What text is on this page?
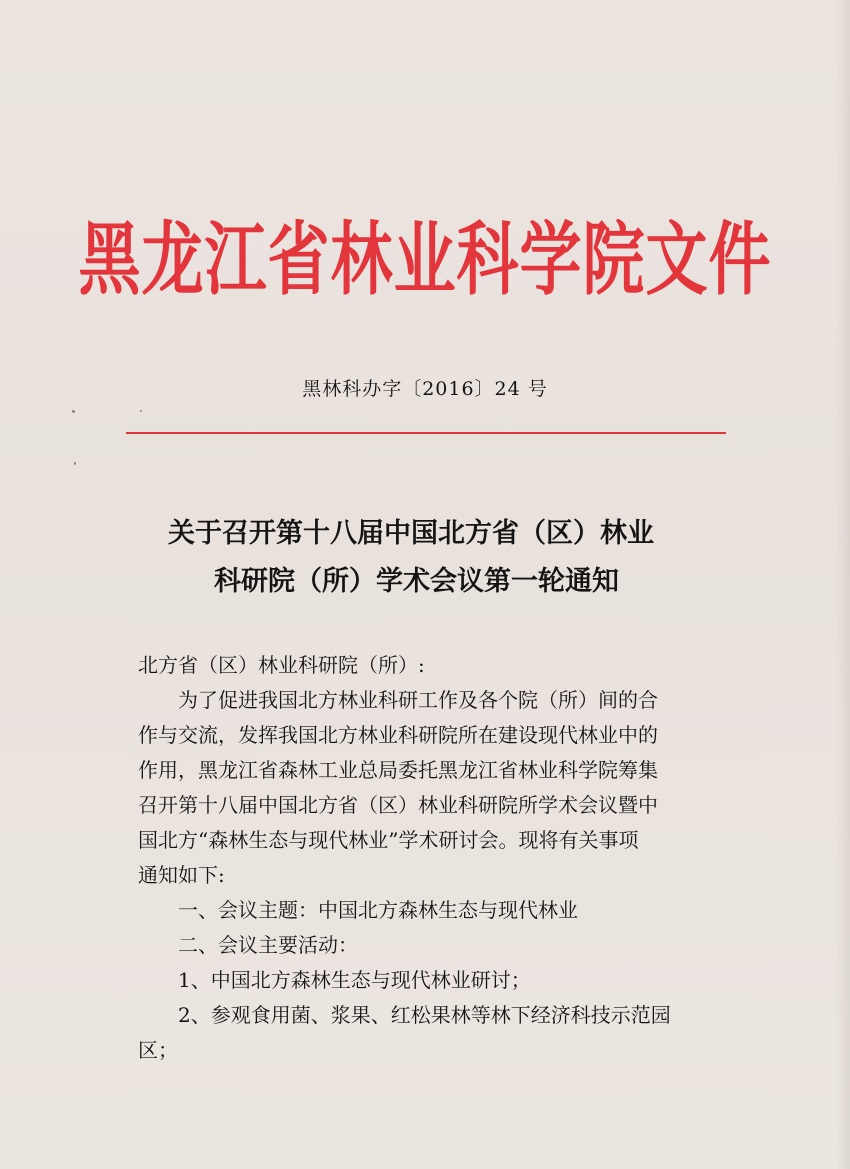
黑龙江省林业科学院文件
黑林科办字〔2016〕24 号
关于召开第十八届中国北方省（区）林业
科研院（所）学术会议第一轮通知

北方省（区）林业科研院（所）:

为了促进我国北方林业科研工作及各个院（所）间的合

作与交流，发挥我国北方林业科研院所在建设现代林业中的

作用，黑龙江省森林工业总局委托黑龙江省林业科学院筹集

召开第十八届中国北方省（区）林业科研院所学术会议暨中

国北方“森林生态与现代林业”学术研讨会。现将有关事项

通知如下:

一、会议主题：中国北方森林生态与现代林业

二、会议主要活动：

1、中国北方森林生态与现代林业研讨；

2、参观食用菌、浆果、红松果林等林下经济科技示范园

区；
